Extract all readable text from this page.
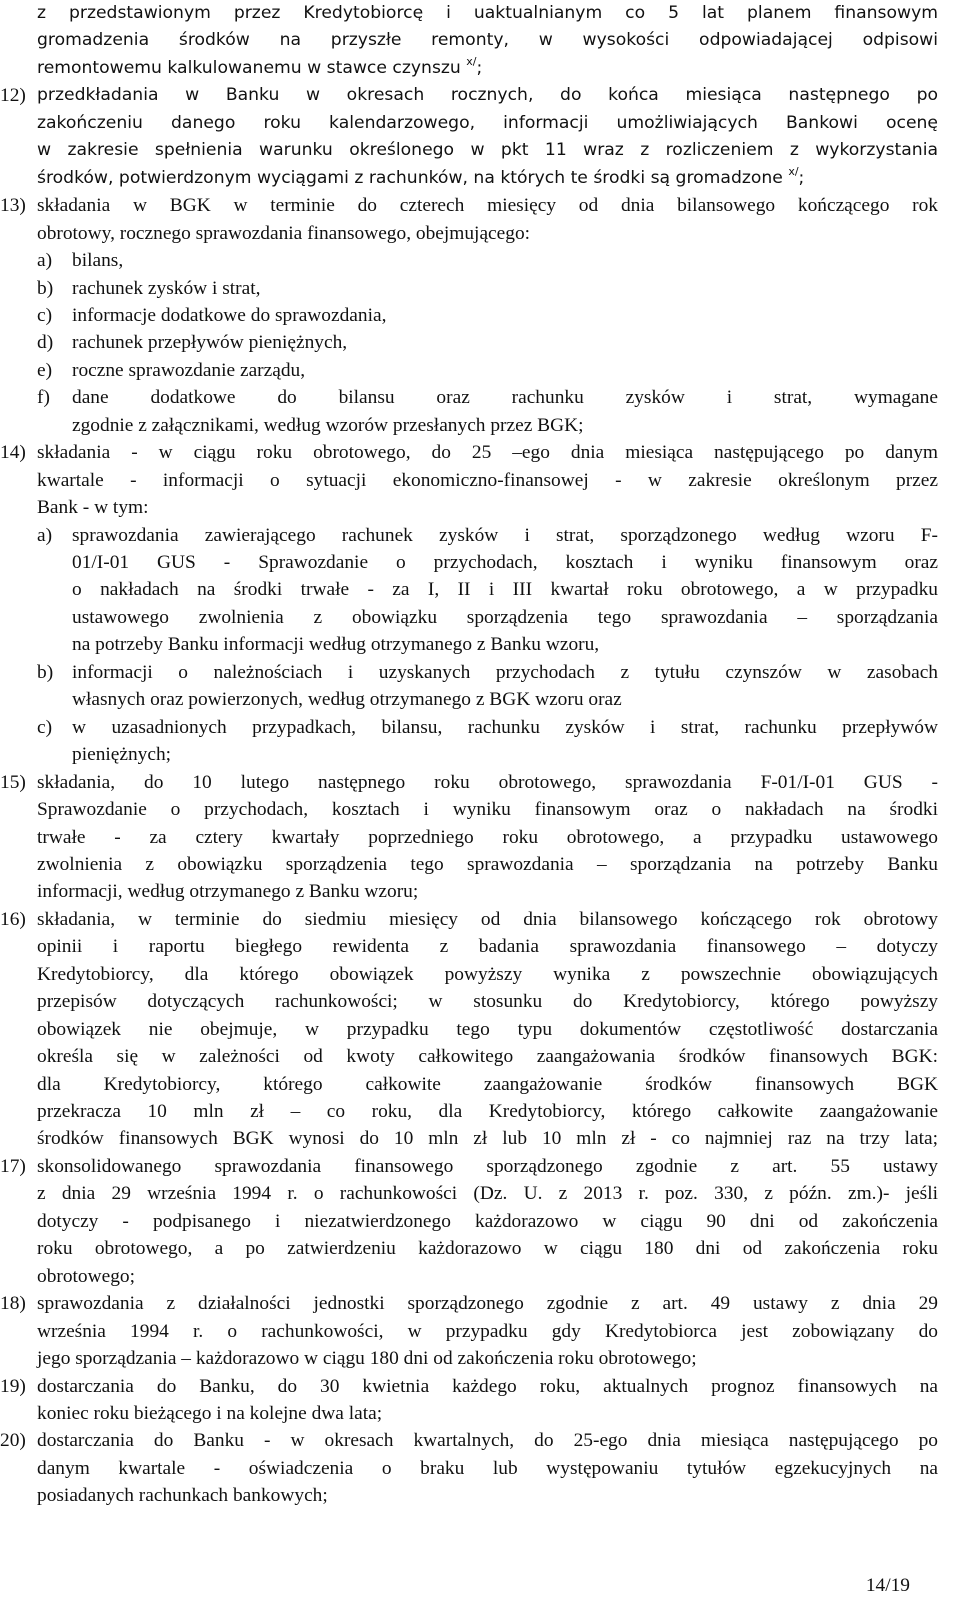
14/19
z przedstawionym przez Kredytobiorcę i uaktualnianym co 5 lat planem finansowym
gromadzenia środków na przyszłe remonty, w wysokości odpowiadającej odpisowi
remontowemu kalkulowanemu w stawce czynszu $^{x/}$;
12) przedkładania w Banku w okresach rocznych, do końca miesiąca następnego po
zakończeniu danego roku kalendarzowego, informacji umożliwiających Bankowi ocenę
w zakresie spełnienia warunku określonego w pkt 11 wraz z rozliczeniem z wykorzystania
środków, potwierdzonym wyciągami z rachunków, na których te środki są gromadzone $^{x/}$;
13) składania w BGK w terminie do czterech miesięcy od dnia bilansowego kończącego rok
obrotowy, rocznego sprawozdania finansowego, obejmującego:
a) bilans,
b) rachunek zysków i strat,
c) informacje dodatkowe do sprawozdania,
d) rachunek przepływów pieniężnych,
e) roczne sprawozdanie zarządu,
f) dane dodatkowe do bilansu oraz rachunku zysków i strat, wymagane
zgodnie z załącznikami, według wzorów przesłanych przez BGK;
14) składania - w ciągu roku obrotowego, do 25 –ego dnia miesiąca następującego po danym
kwartale - informacji o sytuacji ekonomiczno-finansowej - w zakresie określonym przez
Bank - w tym:
a) sprawozdania zawierającego rachunek zysków i strat, sporządzonego według wzoru F-
01/I-01 GUS - Sprawozdanie o przychodach, kosztach i wyniku finansowym oraz
o nakładach na środki trwałe - za I, II i III kwartał roku obrotowego, a w przypadku
ustawowego zwolnienia z obowiązku sporządzenia tego sprawozdania – sporządzania
na potrzeby Banku informacji według otrzymanego z Banku wzoru,
b) informacji o należnościach i uzyskanych przychodach z tytułu czynszów w zasobach
własnych oraz powierzonych, według otrzymanego z BGK wzoru oraz
c) w uzasadnionych przypadkach, bilansu, rachunku zysków i strat, rachunku przepływów
pieniężnych;
15) składania, do 10 lutego następnego roku obrotowego, sprawozdania F-01/I-01 GUS -
Sprawozdanie o przychodach, kosztach i wyniku finansowym oraz o nakładach na środki
trwałe - za cztery kwartały poprzedniego roku obrotowego, a przypadku ustawowego
zwolnienia z obowiązku sporządzenia tego sprawozdania – sporządzania na potrzeby Banku
informacji, według otrzymanego z Banku wzoru;
16) składania, w terminie do siedmiu miesięcy od dnia bilansowego kończącego rok obrotowy
opinii i raportu biegłego rewidenta z badania sprawozdania finansowego – dotyczy
Kredytobiorcy, dla którego obowiązek powyższy wynika z powszechnie obowiązujących
przepisów dotyczących rachunkowości; w stosunku do Kredytobiorcy, którego powyższy
obowiązek nie obejmuje, w przypadku tego typu dokumentów częstotliwość dostarczania
określa się w zależności od kwoty całkowitego zaangażowania środków finansowych BGK:
dla Kredytobiorcy, którego całkowite zaangażowanie środków finansowych BGK
przekracza 10 mln zł – co roku, dla Kredytobiorcy, którego całkowite zaangażowanie
środków finansowych BGK wynosi do 10 mln zł lub 10 mln zł - co najmniej raz na trzy lata;
17) skonsolidowanego sprawozdania finansowego sporządzonego zgodnie z art. 55 ustawy
z dnia 29 września 1994 r. o rachunkowości (Dz. U. z 2013 r. poz. 330, z późn. zm.)- jeśli
dotyczy - podpisanego i niezatwierdzonego każdorazowo w ciągu 90 dni od zakończenia
roku obrotowego, a po zatwierdzeniu każdorazowo w ciągu 180 dni od zakończenia roku
obrotowego;
18) sprawozdania z działalności jednostki sporządzonego zgodnie z art. 49 ustawy z dnia 29
września 1994 r. o rachunkowości, w przypadku gdy Kredytobiorca jest zobowiązany do
jego sporządzania – każdorazowo w ciągu 180 dni od zakończenia roku obrotowego;
19) dostarczania do Banku, do 30 kwietnia każdego roku, aktualnych prognoz finansowych na
koniec roku bieżącego i na kolejne dwa lata;
20) dostarczania do Banku - w okresach kwartalnych, do 25-ego dnia miesiąca następującego po
danym kwartale - oświadczenia o braku lub występowaniu tytułów egzekucyjnych na
posiadanych rachunkach bankowych;
